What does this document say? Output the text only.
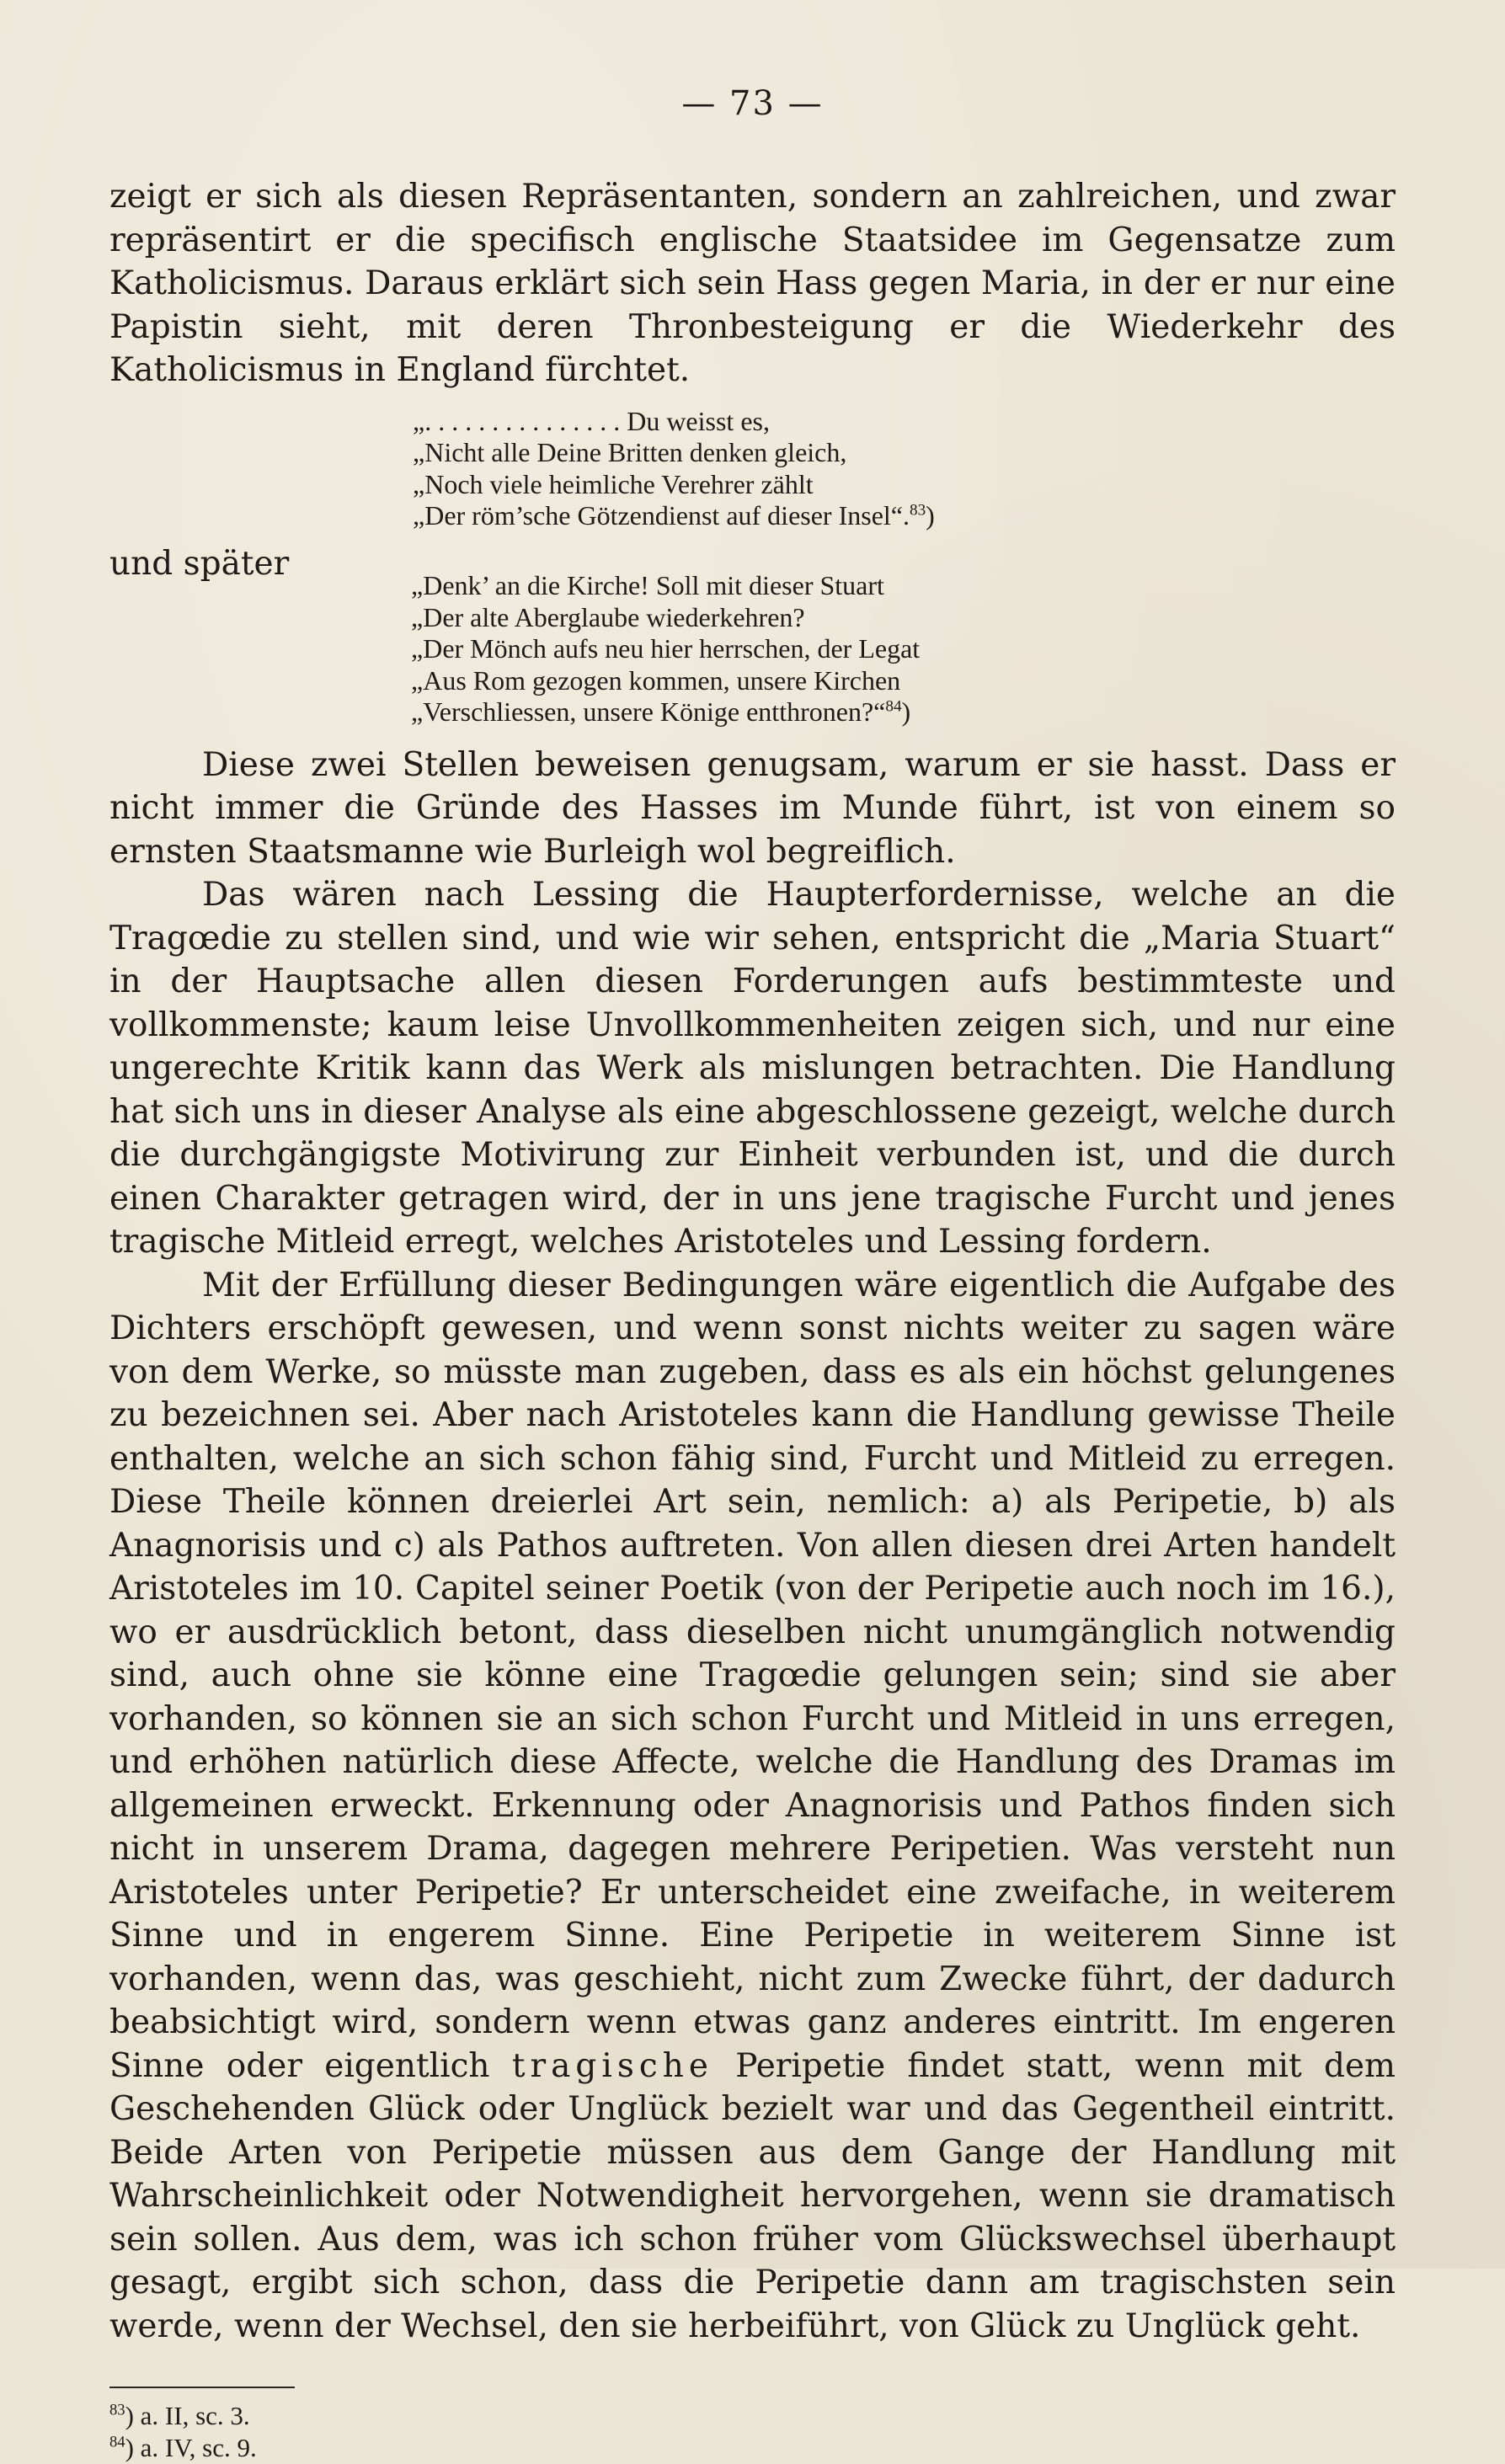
— 73 —

zeigt er sich als diesen Repräsentanten, sondern an zahlreichen, und zwar repräsentirt er die specifisch englische Staatsidee im Gegensatze zum Katholicismus. Daraus erklärt sich sein Hass gegen Maria, in der er nur eine Papistin sieht, mit deren Thronbesteigung er die Wiederkehr des Katholicismus in England fürchtet.

„. . . . . . . . . . . . . . . Du weisst es,
„Nicht alle Deine Britten denken gleich,
„Noch viele heimliche Verehrer zählt
„Der röm’sche Götzendienst auf dieser Insel“.$^{83}$)
und später
„Denk’ an die Kirche! Soll mit dieser Stuart
„Der alte Aberglaube wiederkehren?
„Der Mönch aufs neu hier herrschen, der Legat
„Aus Rom gezogen kommen, unsere Kirchen
„Verschliessen, unsere Könige entthronen?“$^{84}$)

Diese zwei Stellen beweisen genugsam, warum er sie hasst. Dass er nicht immer die Gründe des Hasses im Munde führt, ist von einem so ernsten Staatsmanne wie Burleigh wol begreiflich.

Das wären nach Lessing die Haupterfordernisse, welche an die Tragœdie zu stellen sind, und wie wir sehen, entspricht die „Maria Stuart“ in der Hauptsache allen diesen Forderungen aufs bestimmteste und vollkommenste; kaum leise Unvollkommenheiten zeigen sich, und nur eine ungerechte Kritik kann das Werk als mislungen betrachten. Die Handlung hat sich uns in dieser Analyse als eine abgeschlossene gezeigt, welche durch die durchgängigste Motivirung zur Einheit verbunden ist, und die durch einen Charakter getragen wird, der in uns jene tragische Furcht und jenes tragische Mitleid erregt, welches Aristoteles und Lessing fordern.

Mit der Erfüllung dieser Bedingungen wäre eigentlich die Aufgabe des Dichters erschöpft gewesen, und wenn sonst nichts weiter zu sagen wäre von dem Werke, so müsste man zugeben, dass es als ein höchst gelungenes zu bezeichnen sei. Aber nach Aristoteles kann die Handlung gewisse Theile enthalten, welche an sich schon fähig sind, Furcht und Mitleid zu erregen. Diese Theile können dreierlei Art sein, nemlich: a) als Peripetie, b) als Anagnorisis und c) als Pathos auftreten. Von allen diesen drei Arten handelt Aristoteles im 10. Capitel seiner Poetik (von der Peripetie auch noch im 16.), wo er ausdrücklich betont, dass dieselben nicht unumgänglich notwendig sind, auch ohne sie könne eine Tragœdie gelungen sein; sind sie aber vorhanden, so können sie an sich schon Furcht und Mitleid in uns erregen, und erhöhen natürlich diese Affecte, welche die Handlung des Dramas im allgemeinen erweckt. Erkennung oder Anagnorisis und Pathos finden sich nicht in unserem Drama, dagegen mehrere Peripetien. Was versteht nun Aristoteles unter Peripetie? Er unterscheidet eine zweifache, in weiterem Sinne und in engerem Sinne. Eine Peripetie in weiterem Sinne ist vorhanden, wenn das, was geschieht, nicht zum Zwecke führt, der dadurch beabsichtigt wird, sondern wenn etwas ganz anderes eintritt. Im engeren Sinne oder eigentlich tragische Peripetie findet statt, wenn mit dem Geschehenden Glück oder Unglück bezielt war und das Gegentheil eintritt. Beide Arten von Peripetie müssen aus dem Gange der Handlung mit Wahrscheinlichkeit oder Notwendigheit hervorgehen, wenn sie dramatisch sein sollen. Aus dem, was ich schon früher vom Glückswechsel überhaupt gesagt, ergibt sich schon, dass die Peripetie dann am tragischsten sein werde, wenn der Wechsel, den sie herbeiführt, von Glück zu Unglück geht.

$^{83}$) a. II, sc. 3.
$^{84}$) a. IV, sc. 9.
